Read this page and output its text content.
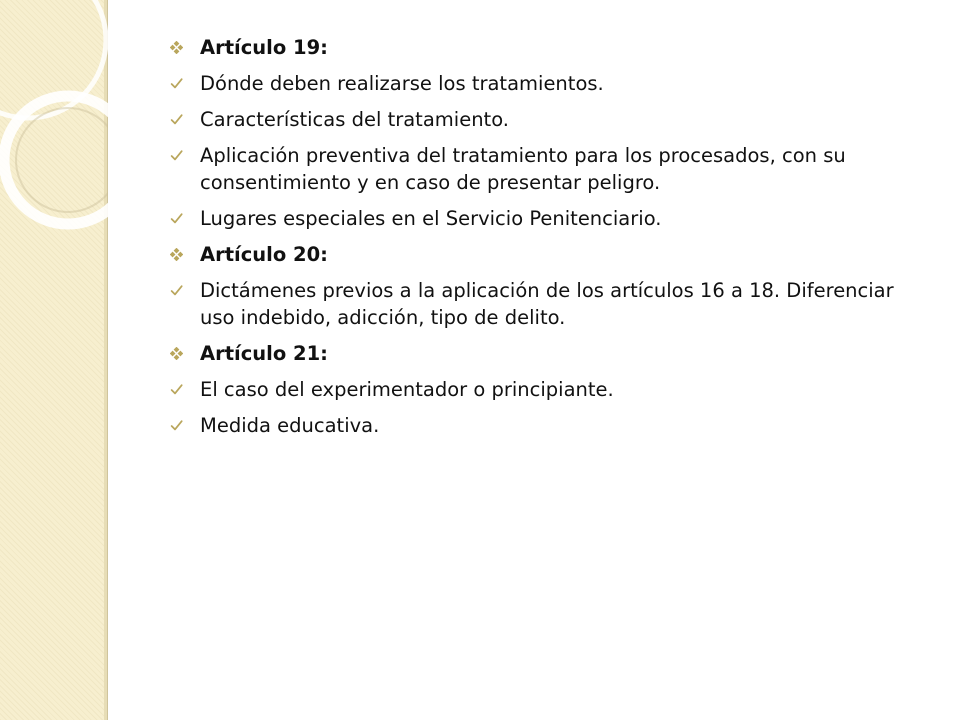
Artículo 19:
Dónde deben realizarse los tratamientos.
Características del tratamiento.
Aplicación preventiva del tratamiento para los procesados, con su consentimiento y en caso de presentar peligro.
Lugares especiales en el Servicio Penitenciario.
Artículo 20:
Dictámenes previos a la aplicación de los artículos 16 a 18. Diferenciar uso indebido, adicción, tipo de delito.
Artículo 21:
El caso del experimentador o principiante.
Medida educativa.
